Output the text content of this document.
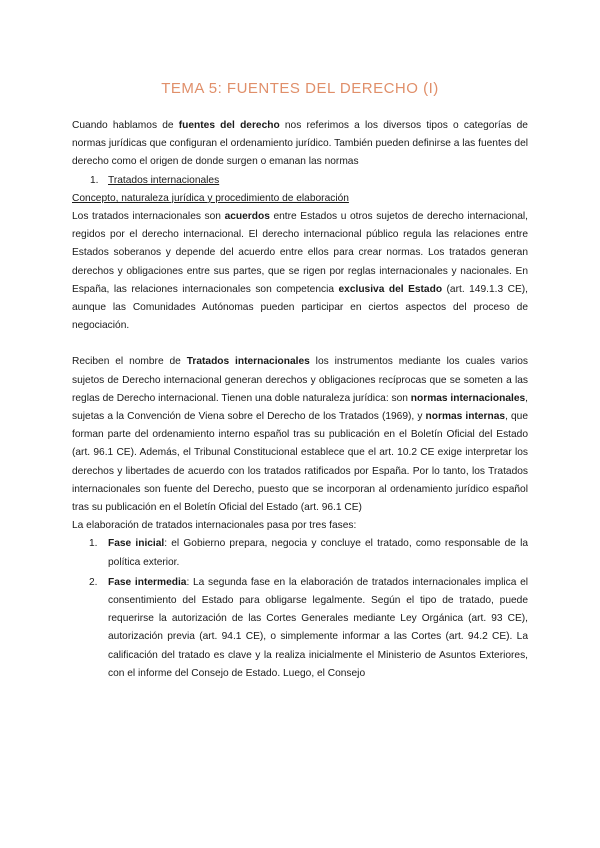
TEMA 5: FUENTES DEL DERECHO (I)

Cuando hablamos de fuentes del derecho nos referimos a los diversos tipos o categorías de normas jurídicas que configuran el ordenamiento jurídico. También pueden definirse a las fuentes del derecho como el origen de donde surgen o emanan las normas

1. Tratados internacionales

Concepto, naturaleza jurídica y procedimiento de elaboración

Los tratados internacionales son acuerdos entre Estados u otros sujetos de derecho internacional, regidos por el derecho internacional. El derecho internacional público regula las relaciones entre Estados soberanos y depende del acuerdo entre ellos para crear normas. Los tratados generan derechos y obligaciones entre sus partes, que se rigen por reglas internacionales y nacionales. En España, las relaciones internacionales son competencia exclusiva del Estado (art. 149.1.3 CE), aunque las Comunidades Autónomas pueden participar en ciertos aspectos del proceso de negociación.

Reciben el nombre de Tratados internacionales los instrumentos mediante los cuales varios sujetos de Derecho internacional generan derechos y obligaciones recíprocas que se someten a las reglas de Derecho internacional. Tienen una doble naturaleza jurídica: son normas internacionales, sujetas a la Convención de Viena sobre el Derecho de los Tratados (1969), y normas internas, que forman parte del ordenamiento interno español tras su publicación en el Boletín Oficial del Estado (art. 96.1 CE). Además, el Tribunal Constitucional establece que el art. 10.2 CE exige interpretar los derechos y libertades de acuerdo con los tratados ratificados por España. Por lo tanto, los Tratados internacionales son fuente del Derecho, puesto que se incorporan al ordenamiento jurídico español tras su publicación en el Boletín Oficial del Estado (art. 96.1 CE)

La elaboración de tratados internacionales pasa por tres fases:

1.	Fase inicial: el Gobierno prepara, negocia y concluye el tratado, como responsable de la política exterior.
2.	Fase intermedia: La segunda fase en la elaboración de tratados internacionales implica el consentimiento del Estado para obligarse legalmente. Según el tipo de tratado, puede requerirse la autorización de las Cortes Generales mediante Ley Orgánica (art. 93 CE), autorización previa (art. 94.1 CE), o simplemente informar a las Cortes (art. 94.2 CE). La calificación del tratado es clave y la realiza inicialmente el Ministerio de Asuntos Exteriores, con el informe del Consejo de Estado. Luego, el Consejo
